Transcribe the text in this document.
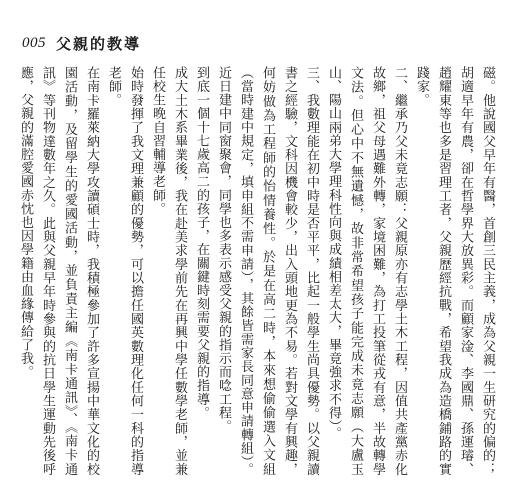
005 父親的教導

磁。他說國父早年有醫，首創三民主義，成為父親一生研究的偏的；胡適早年有農，卻在哲學界大放異彩。而顧家淦、李國鼎、孫運璿、趙耀東等也多是習理工者，父親歷經抗戰，希望我成為造橋鋪路的實踐家。

二、繼承乃父未竟志願：父親原亦有志學土木工程，因值共產黨赤化故鄉，祖父母遇難外轉，家境困難，為打工投筆從戎有意，半故轉學文法。但心中不無遺憾，故非常希望孩子能完成未竟志願（大盧玉山、陽山兩弟大學理科性向與成績相差太大，畢竟強求不得）。

三、我數理能在初中時是否平平，比起一般學生尚具優勢。以父親讀書之經驗，文科因機會較少，出入頭地更為不易。若對文學有興趣，何妨做為工程師的怡情養性。於是在高二時，本來想偷偷選入文組（當時建中規定，填申組不需申請），其餘皆需家長同意申請轉組）。近日建中同窗聚會，同學也多表示感受父親的指示而唸工程。

到底一個十七歲高二的孩子，在關鍵時刻需要父親的指導。

成大土木系畢業後，我在赴美求學前先在再興中學任數學老師，並兼任校生晚自習輔導老師。

始時發揮了我文理兼顧的優勢，可以擔任國英數理化任何一科的指導老師。

在南卡羅萊納大學攻讀碩士時，我積極參加了許多宣揚中華文化的校園活動，及留學生的愛國活動，並負責主編《南卡通訊》、《南卡通訊》等刊物達數年之久。此與父親早年時參與的抗日學生運動先後呼應，父親的滿腔愛國赤忱也因學籍由血緣傳給了我。
